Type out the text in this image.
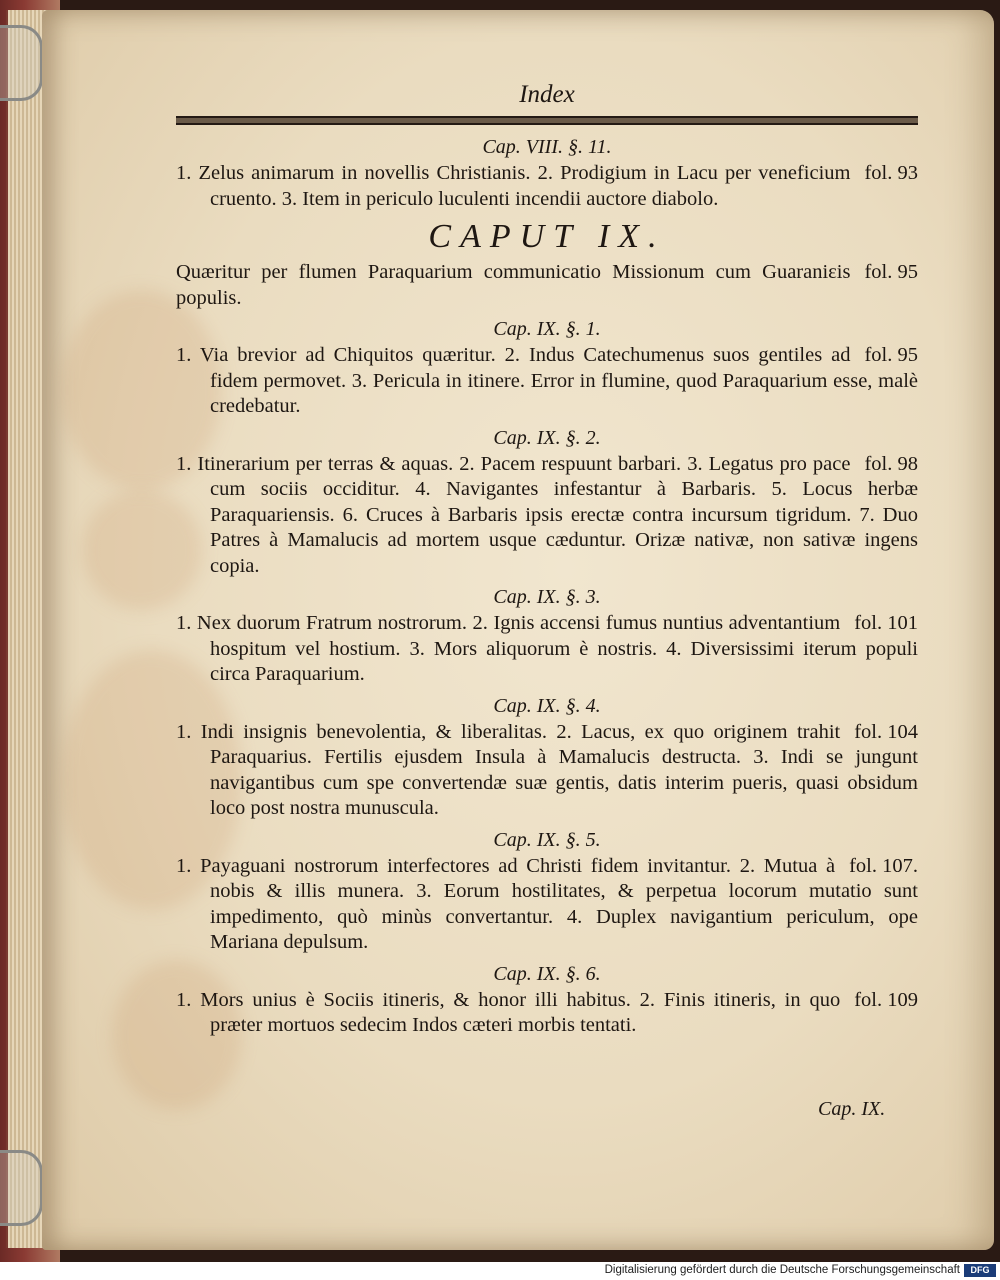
Index
Cap. VIII. §. 11.

fol. 93
1. Zelus animarum in novellis Christianis. 2. Prodigium in Lacu per veneficium cruento. 3. Item in periculo luculenti incendii auctore diabolo.

CAPUT IX.

fol. 95
Quæritur per flumen Paraquarium communicatio Missionum cum Guaraniεis populis.

Cap. IX. §. 1.

fol. 95
1. Via brevior ad Chiquitos quæritur. 2. Indus Catechumenus suos gentiles ad fidem permovet. 3. Pericula in itinere. Error in flumine, quod Paraquarium esse, malè credebatur.

Cap. IX. §. 2.

fol. 98
1. Itinerarium per terras & aquas. 2. Pacem respuunt barbari. 3. Legatus pro pace cum sociis occiditur. 4. Navigantes infestantur à Barbaris. 5. Locus herbæ Paraquariensis. 6. Cruces à Barbaris ipsis erectæ contra incursum tigridum. 7. Duo Patres à Mamalucis ad mortem usque cæduntur. Orizæ nativæ, non sativæ ingens copia.

Cap. IX. §. 3.

fol. 101
1. Nex duorum Fratrum nostrorum. 2. Ignis accensi fumus nuntius adventantium hospitum vel hostium. 3. Mors aliquorum è nostris. 4. Diversissimi iterum populi circa Paraquarium.

Cap. IX. §. 4.

fol. 104
1. Indi insignis benevolentia, & liberalitas. 2. Lacus, ex quo originem trahit Paraquarius. Fertilis ejusdem Insula à Mamalucis destructa. 3. Indi se jungunt navigantibus cum spe convertendæ suæ gentis, datis interim pueris, quasi obsidum loco post nostra munuscula.

Cap. IX. §. 5.

fol. 107.
1. Payaguani nostrorum interfectores ad Christi fidem invitantur. 2. Mutua à nobis & illis munera. 3. Eorum hostilitates, & perpetua locorum mutatio sunt impedimento, quò minùs convertantur. 4. Duplex navigantium periculum, ope Mariana depulsum.

Cap. IX. §. 6.

fol. 109
1. Mors unius è Sociis itineris, & honor illi habitus. 2. Finis itineris, in quo præter mortuos sedecim Indos cæteri morbis tentati.

Cap. IX.
Digitalisierung gefördert durch die Deutsche Forschungsgemeinschaft	DFG
